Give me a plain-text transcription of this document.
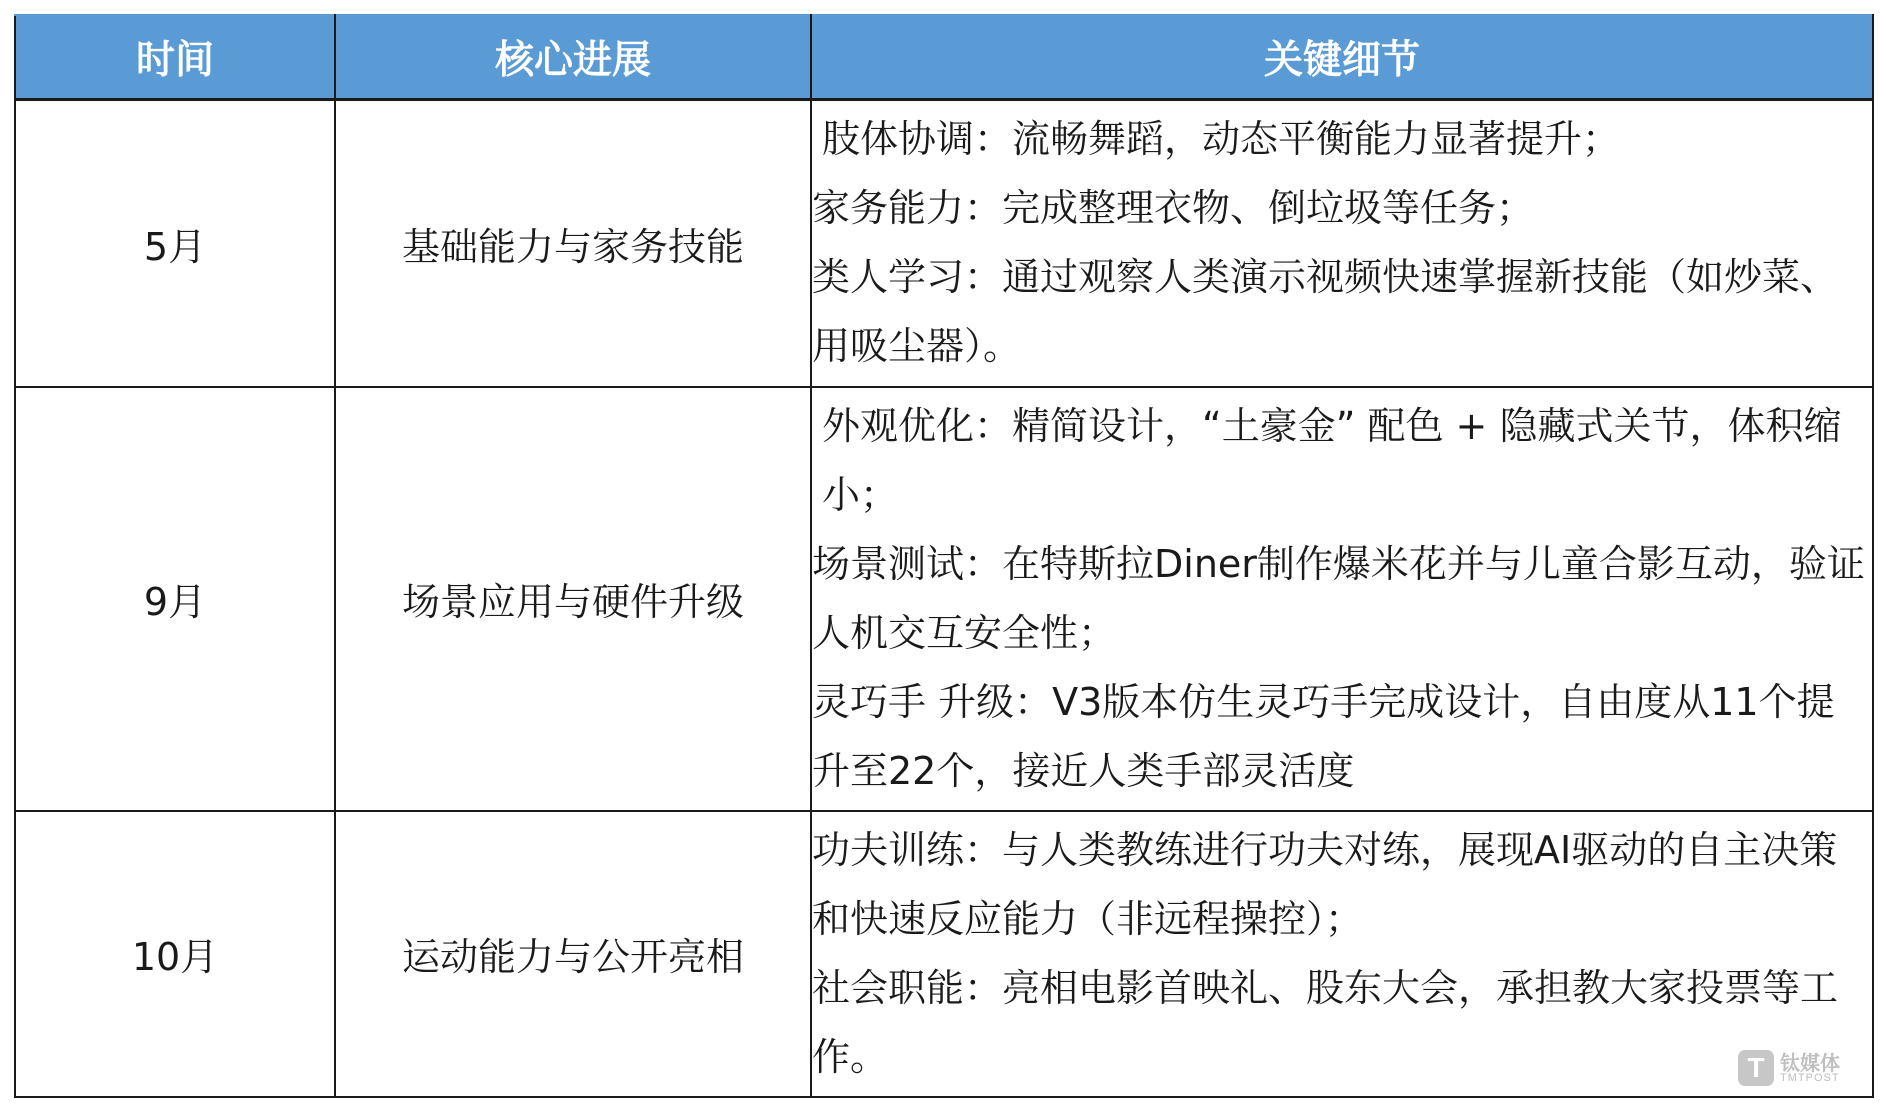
时间	核心进展	关键细节
5月	基础能力与家务技能	肢体协调：流畅舞蹈，动态平衡能力显著提升；
家务能力：完成整理衣物、倒垃圾等任务；
类人学习：通过观察人类演示视频快速掌握新技能（如炒菜、用吸尘器）。

9月	场景应用与硬件升级	外观优化：精简设计，“土豪金” 配色 + 隐藏式关节，体积缩小；
场景测试：在特斯拉Diner制作爆米花并与儿童合影互动，验证人机交互安全性；
灵巧手 升级：V3版本仿生灵巧手完成设计，自由度从11个提升至22个，接近人类手部灵活度

10月	运动能力与公开亮相	功夫训练：与人类教练进行功夫对练，展现AI驱动的自主决策和快速反应能力（非远程操控）；
社会职能：亮相电影首映礼、股东大会，承担教大家投票等工作。	T 钛媒体
TMTPOST
